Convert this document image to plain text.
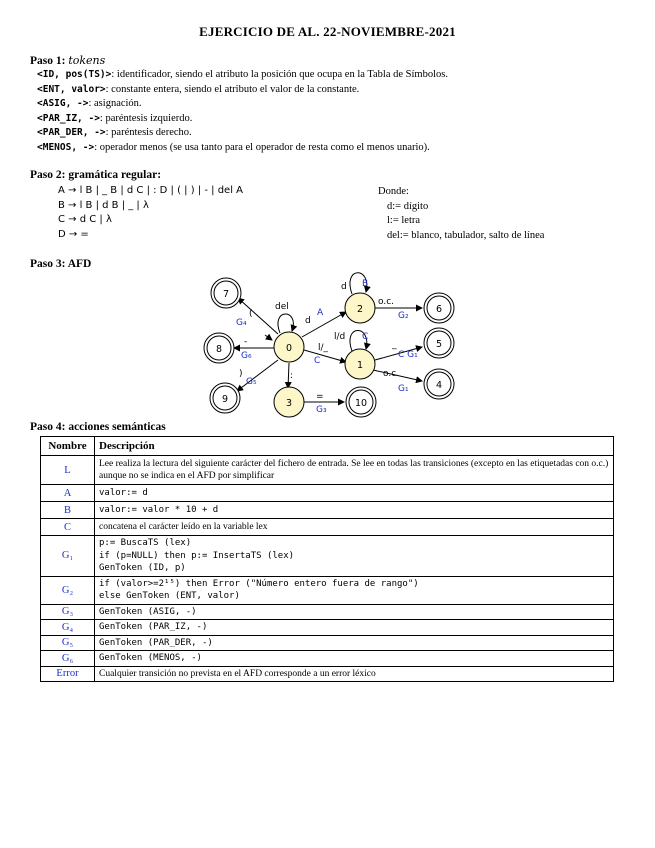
EJERCICIO DE AL. 22-NOVIEMBRE-2021
Paso 1: tokens
<ID, pos(TS)>: identificador, siendo el atributo la posición que ocupa en la Tabla de Símbolos.
<ENT, valor>: constante entera, siendo el atributo el valor de la constante.
<ASIG, ->: asignación.
<PAR_IZ, ->: paréntesis izquierdo.
<PAR_DER, ->: paréntesis derecho.
<MENOS, ->: operador menos (se usa tanto para el operador de resta como el menos unario).
Paso 2: gramática regular:
A → l B | _ B | d C | : D | ( | ) | - | del A
B → l B | d B | _ | λ
C → d C | λ
D → =
Donde:
d:= dígito
l:= letra
del:= blanco, tabulador, salto de línea
Paso 3: AFD
0
1
2
3
4
5
6
7
8
9	10
del
d
l/_
:
(
-
)
d
o.c.
l/d
_
o.c.
=
A
C
G₄
G₆
G₅
B
G₂
C
C G₁
G₁
G₃
Paso 4: acciones semánticas
Nombre	Descripción
L	Lee realiza la lectura del siguiente carácter del fichero de entrada. Se lee en todas las transiciones (excepto en las etiquetadas con o.c.) aunque no se indica en el AFD por simplificar
A	valor:= d
B	valor:= valor * 10 + d
C	concatena el carácter leído en la variable lex
G₁	p:= BuscaTS (lex)
if (p=NULL) then p:= InsertaTS (lex)
GenToken (ID, p)

G₂	if (valor>=2¹⁵) then Error ("Número entero fuera de rango")
else GenToken (ENT, valor)

G₃	GenToken (ASIG, -)
G₄	GenToken (PAR_IZ, -)
G₅	GenToken (PAR_DER, -)
G₆	GenToken (MENOS, -)
Error	Cualquier transición no prevista en el AFD corresponde a un error léxico
